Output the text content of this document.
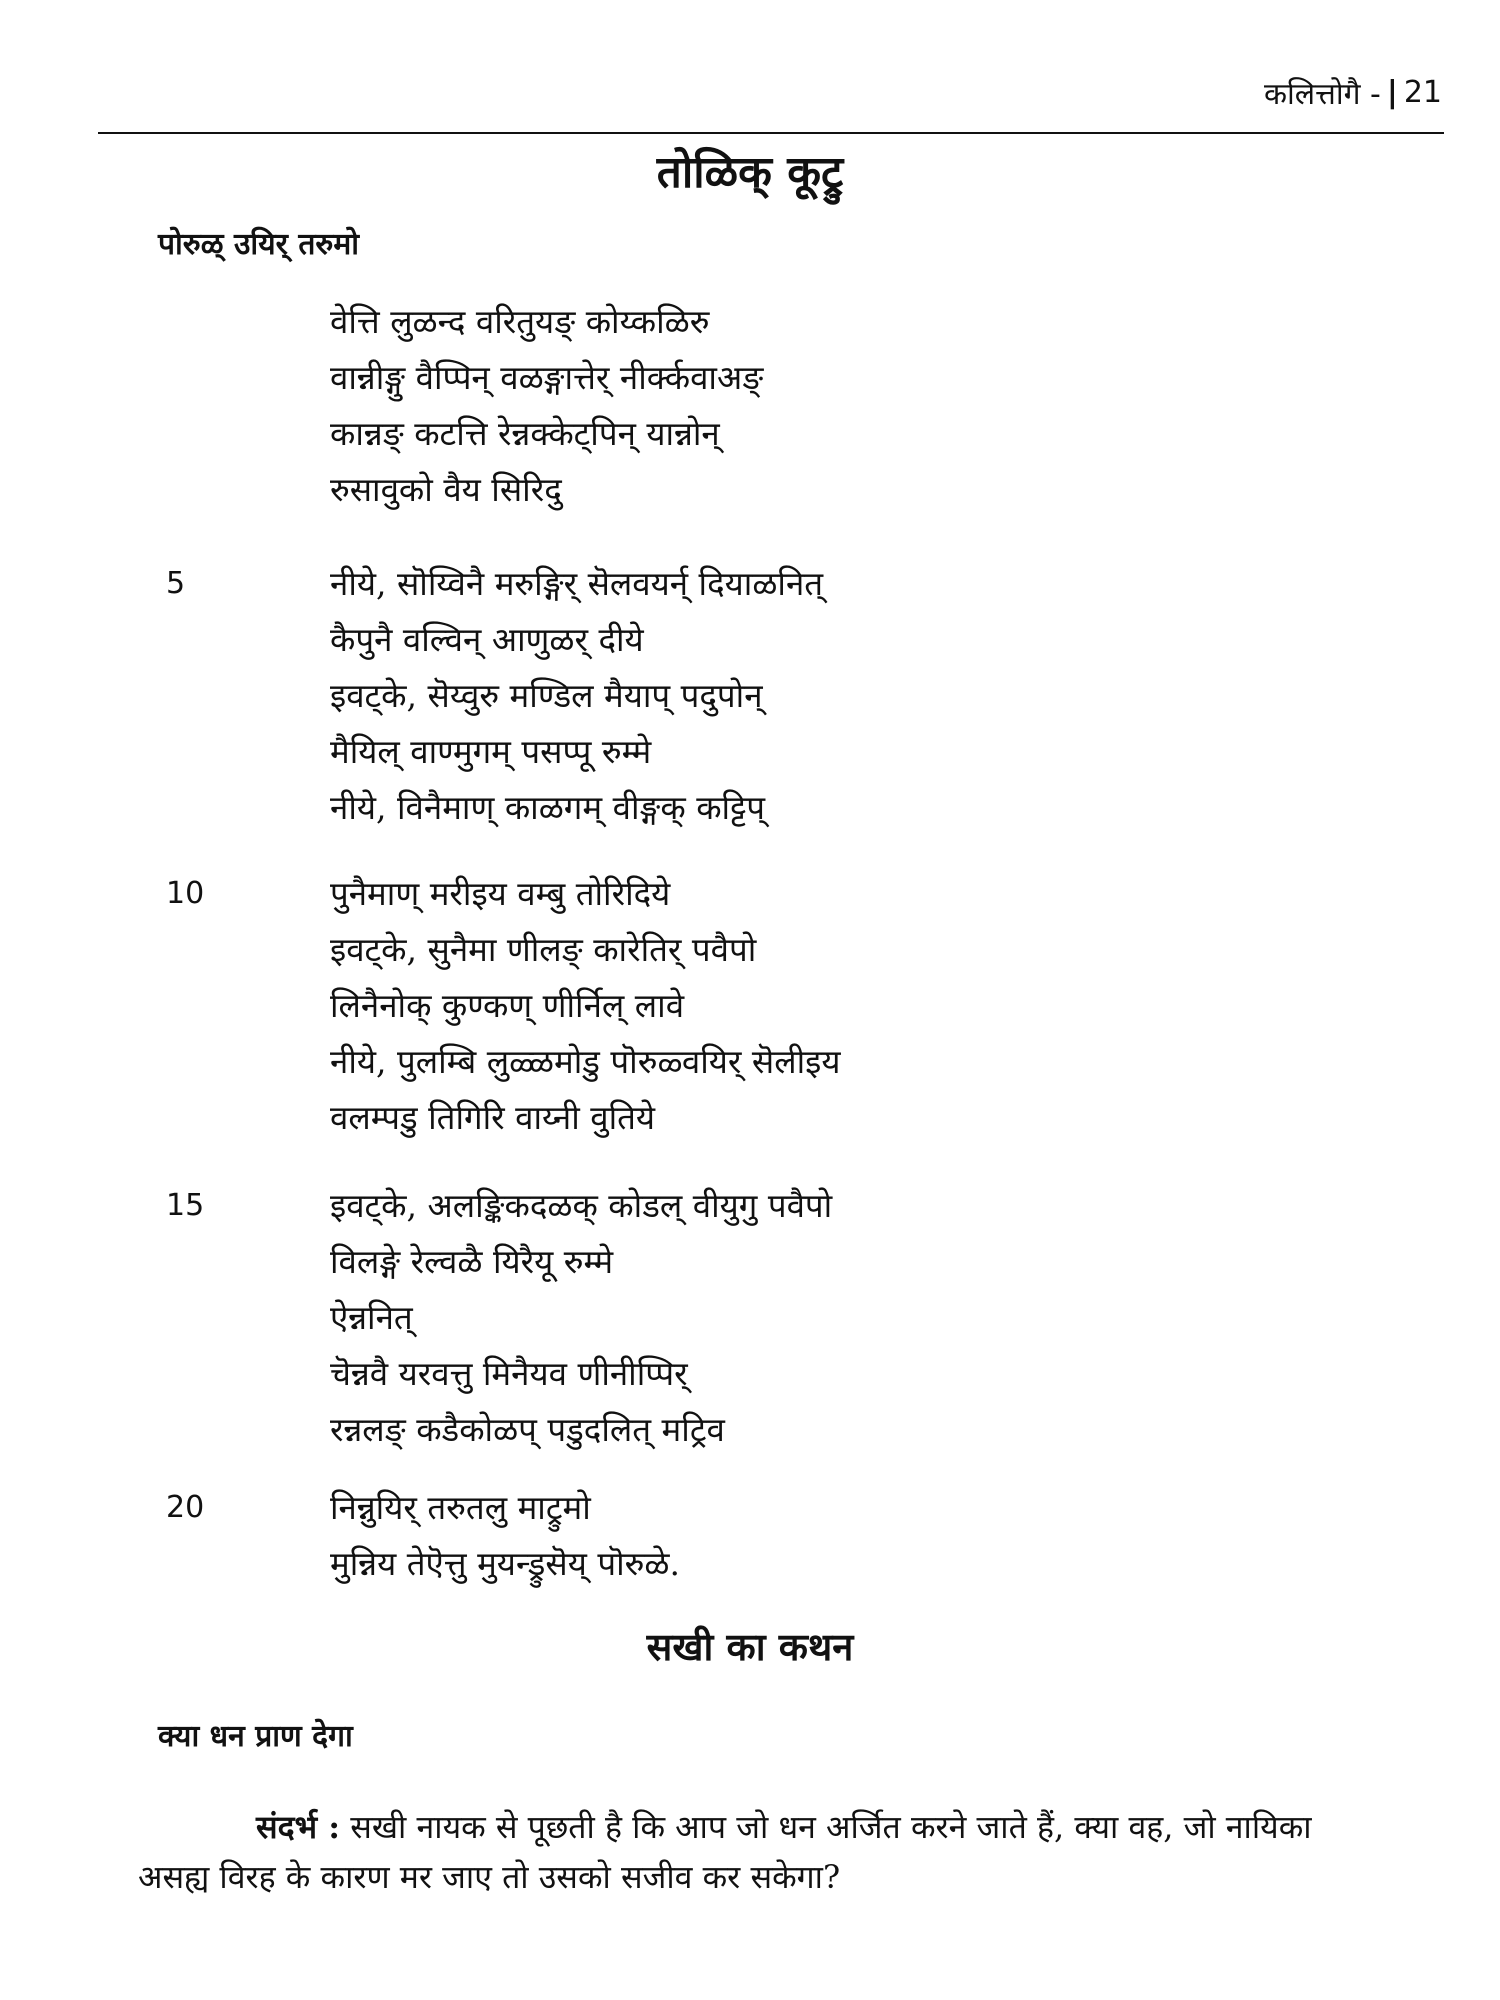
कलित्तोगै - | 21
तोळिक् कूट्रु
पोरुळ् उयिर् तरुमो
वेत्ति लुळन्द वरितुयङ् कोय्कळिरु
वान्नीङ्गु वैप्पिन् वळङ्गात्तेर् नीर्क्कवाअङ्
कान्नङ् कटत्ति रेन्नक्केट्पिन् यान्नोन्
रुसावुको वैय सिरिदु
5	नीये, सॊय्विनै मरुङ्गिर् सॆलवयर्न् दियाळनित्
कैपुनै वल्विन् आणुळर् दीये
इवट्के, सॆय्वुरु मण्डिल मैयाप् पदुपोन्
मैयिल् वाण्मुगम् पसप्पू रुम्मे
नीये, विनैमाण् काळगम् वीङ्गक् कट्टिप्
10	पुनैमाण् मरीइय वम्बु तोरिदिये
इवट्के, सुनैमा णीलङ् कारेतिर् पवैपो
लिनैनोक् कुण्कण् णीर्निल् लावे
नीये, पुलम्बि लुळ्ळमोडु पॊरुळ्वयिर् सॆलीइय
वलम्पडु तिगिरि वाय्नी वुतिये
15	इवट्के, अलङ्किकदळक् कोडल् वीयुगु पवैपो
विलङ्गे रेल्वळै यिरैयू रुम्मे
ऐन्ननित्
चॆन्नवै यरवत्तु मिनैयव णीनीप्पिर्
रन्नलङ् कडैकोळप् पडुदलित् मट्रिव
20	निन्नुयिर् तरुतलु माट्रुमो
मुन्निय तेऎत्तु मुयन्ड्रुसॆय् पॊरुळे.
सखी का कथन
क्या धन प्राण देगा
संदर्भ : सखी नायक से पूछती है कि आप जो धन अर्जित करने जाते हैं, क्या वह, जो नायिका असह्य विरह के कारण मर जाए तो उसको सजीव कर सकेगा?
